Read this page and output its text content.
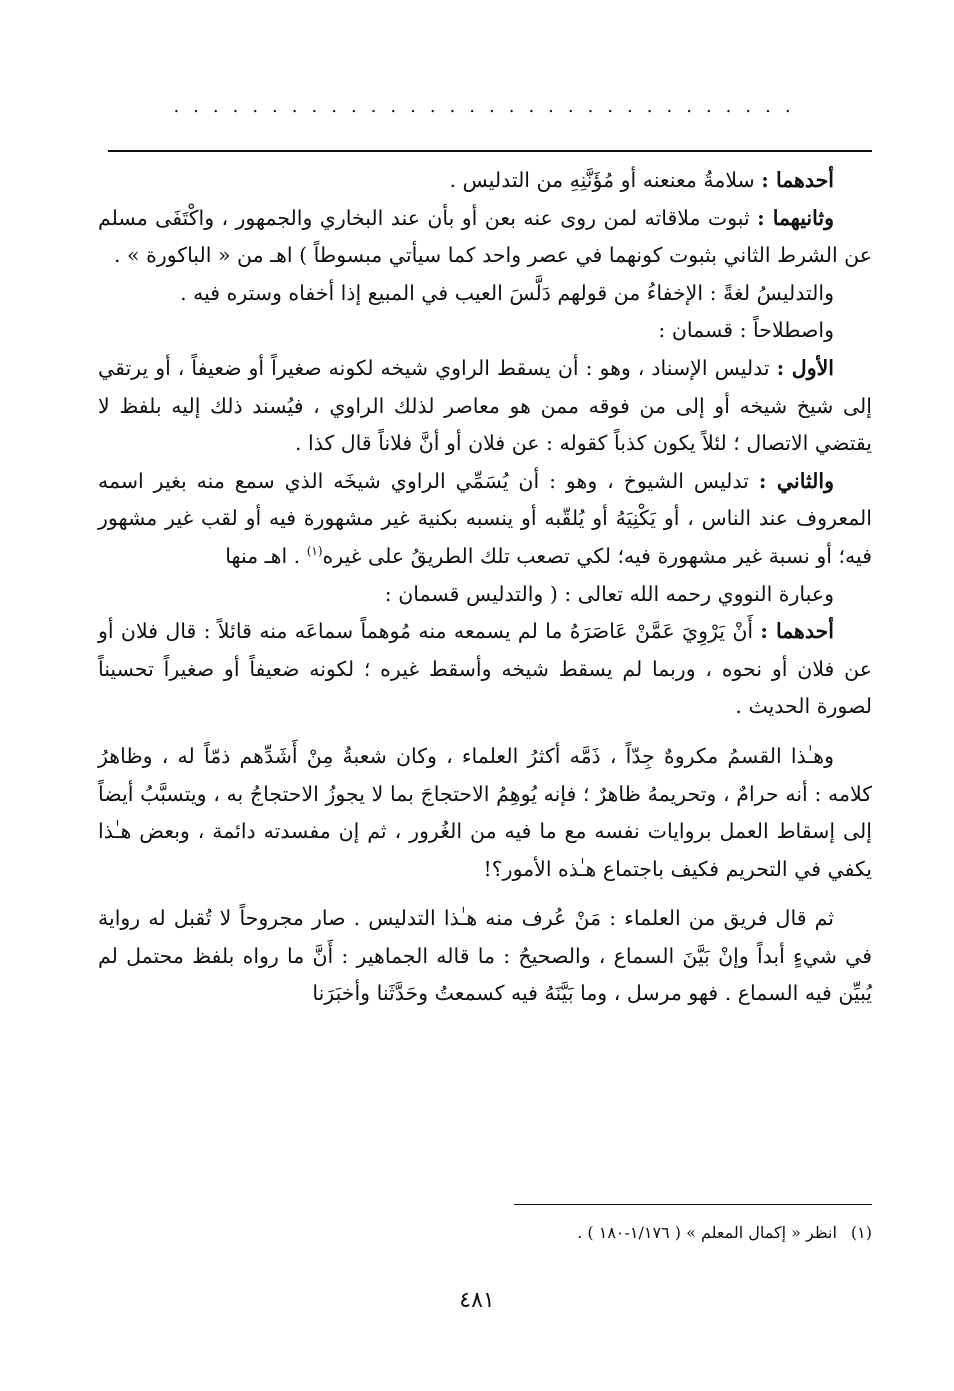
................................

أحدهما : سلامةُ معنعنه أو مُؤَنَّنِهِ من التدليس .

وثانيهما : ثبوت ملاقاته لمن روى عنه بعن أو بأن عند البخاري والجمهور ، واكْتَفَى مسلم عن الشرط الثاني بثبوت كونهما في عصر واحد كما سيأتي مبسوطاً ) اهـ من « الباكورة » .

والتدليسُ لغةً : الإخفاءُ من قولهم دَلَّسَ العيب في المبيع إذا أخفاه وستره فيه .

واصطلاحاً : قسمان :

الأول : تدليس الإسناد ، وهو : أن يسقط الراوي شيخه لكونه صغيراً أو ضعيفاً ، أو يرتقي إلى شيخ شيخه أو إلى من فوقه ممن هو معاصر لذلك الراوي ، فيُسند ذلك إليه بلفظ لا يقتضي الاتصال ؛ لئلاً يكون كذباً كقوله : عن فلان أو أنَّ فلاناً قال كذا .

والثاني : تدليس الشيوخ ، وهو : أن يُسَمِّي الراوي شيخَه الذي سمع منه بغير اسمه المعروف عند الناس ، أو يَكْنِيَهُ أو يُلقّبه أو ينسبه بكنية غير مشهورة فيه أو لقب غير مشهور فيه؛ أو نسبة غير مشهورة فيه؛ لكي تصعب تلك الطريقُ على غيره$^{(١)}$ . اهـ منها

وعبارة النووي رحمه الله تعالى : ( والتدليس قسمان :

أحدهما : أَنْ يَرْوِيَ عَمَّنْ عَاصَرَهُ ما لم يسمعه منه مُوهماً سماعَه منه قائلاً : قال فلان أو عن فلان أو نحوه ، وربما لم يسقط شيخه وأسقط غيره ؛ لكونه ضعيفاً أو صغيراً تحسيناً لصورة الحديث .

وهـٰذا القسمُ مكروهٌ جِدّاً ، ذَمَّه أكثرُ العلماء ، وكان شعبةُ مِنْ أَشَدِّهم ذمّاً له ، وظاهرُ كلامه : أنه حرامٌ ، وتحريمهُ ظاهرٌ ؛ فإنه يُوهِمُ الاحتجاجَ بما لا يجوزُ الاحتجاجُ به ، ويتسبَّبُ أيضاً إلى إسقاط العمل بروايات نفسه مع ما فيه من الغُرور ، ثم إن مفسدته دائمة ، وبعض هـٰذا يكفي في التحريم فكيف باجتماع هـٰذه الأمور؟!

ثم قال فريق من العلماء : مَنْ عُرف منه هـٰذا التدليس . صار مجروحاً لا تُقبل له رواية في شيءٍ أبداً وإنْ بَيَّنَ السماع ، والصحيحُ : ما قاله الجماهير : أَنَّ ما رواه بلفظ محتمل لم يُبيِّن فيه السماع . فهو مرسل ، وما بَيَّنَهُ فيه كسمعتُ وحَدَّثَنا وأخبَرَنا

(١)انظر « إكمال المعلم » ( ١/١٧٦-١٨٠ ) .
٤٨١
